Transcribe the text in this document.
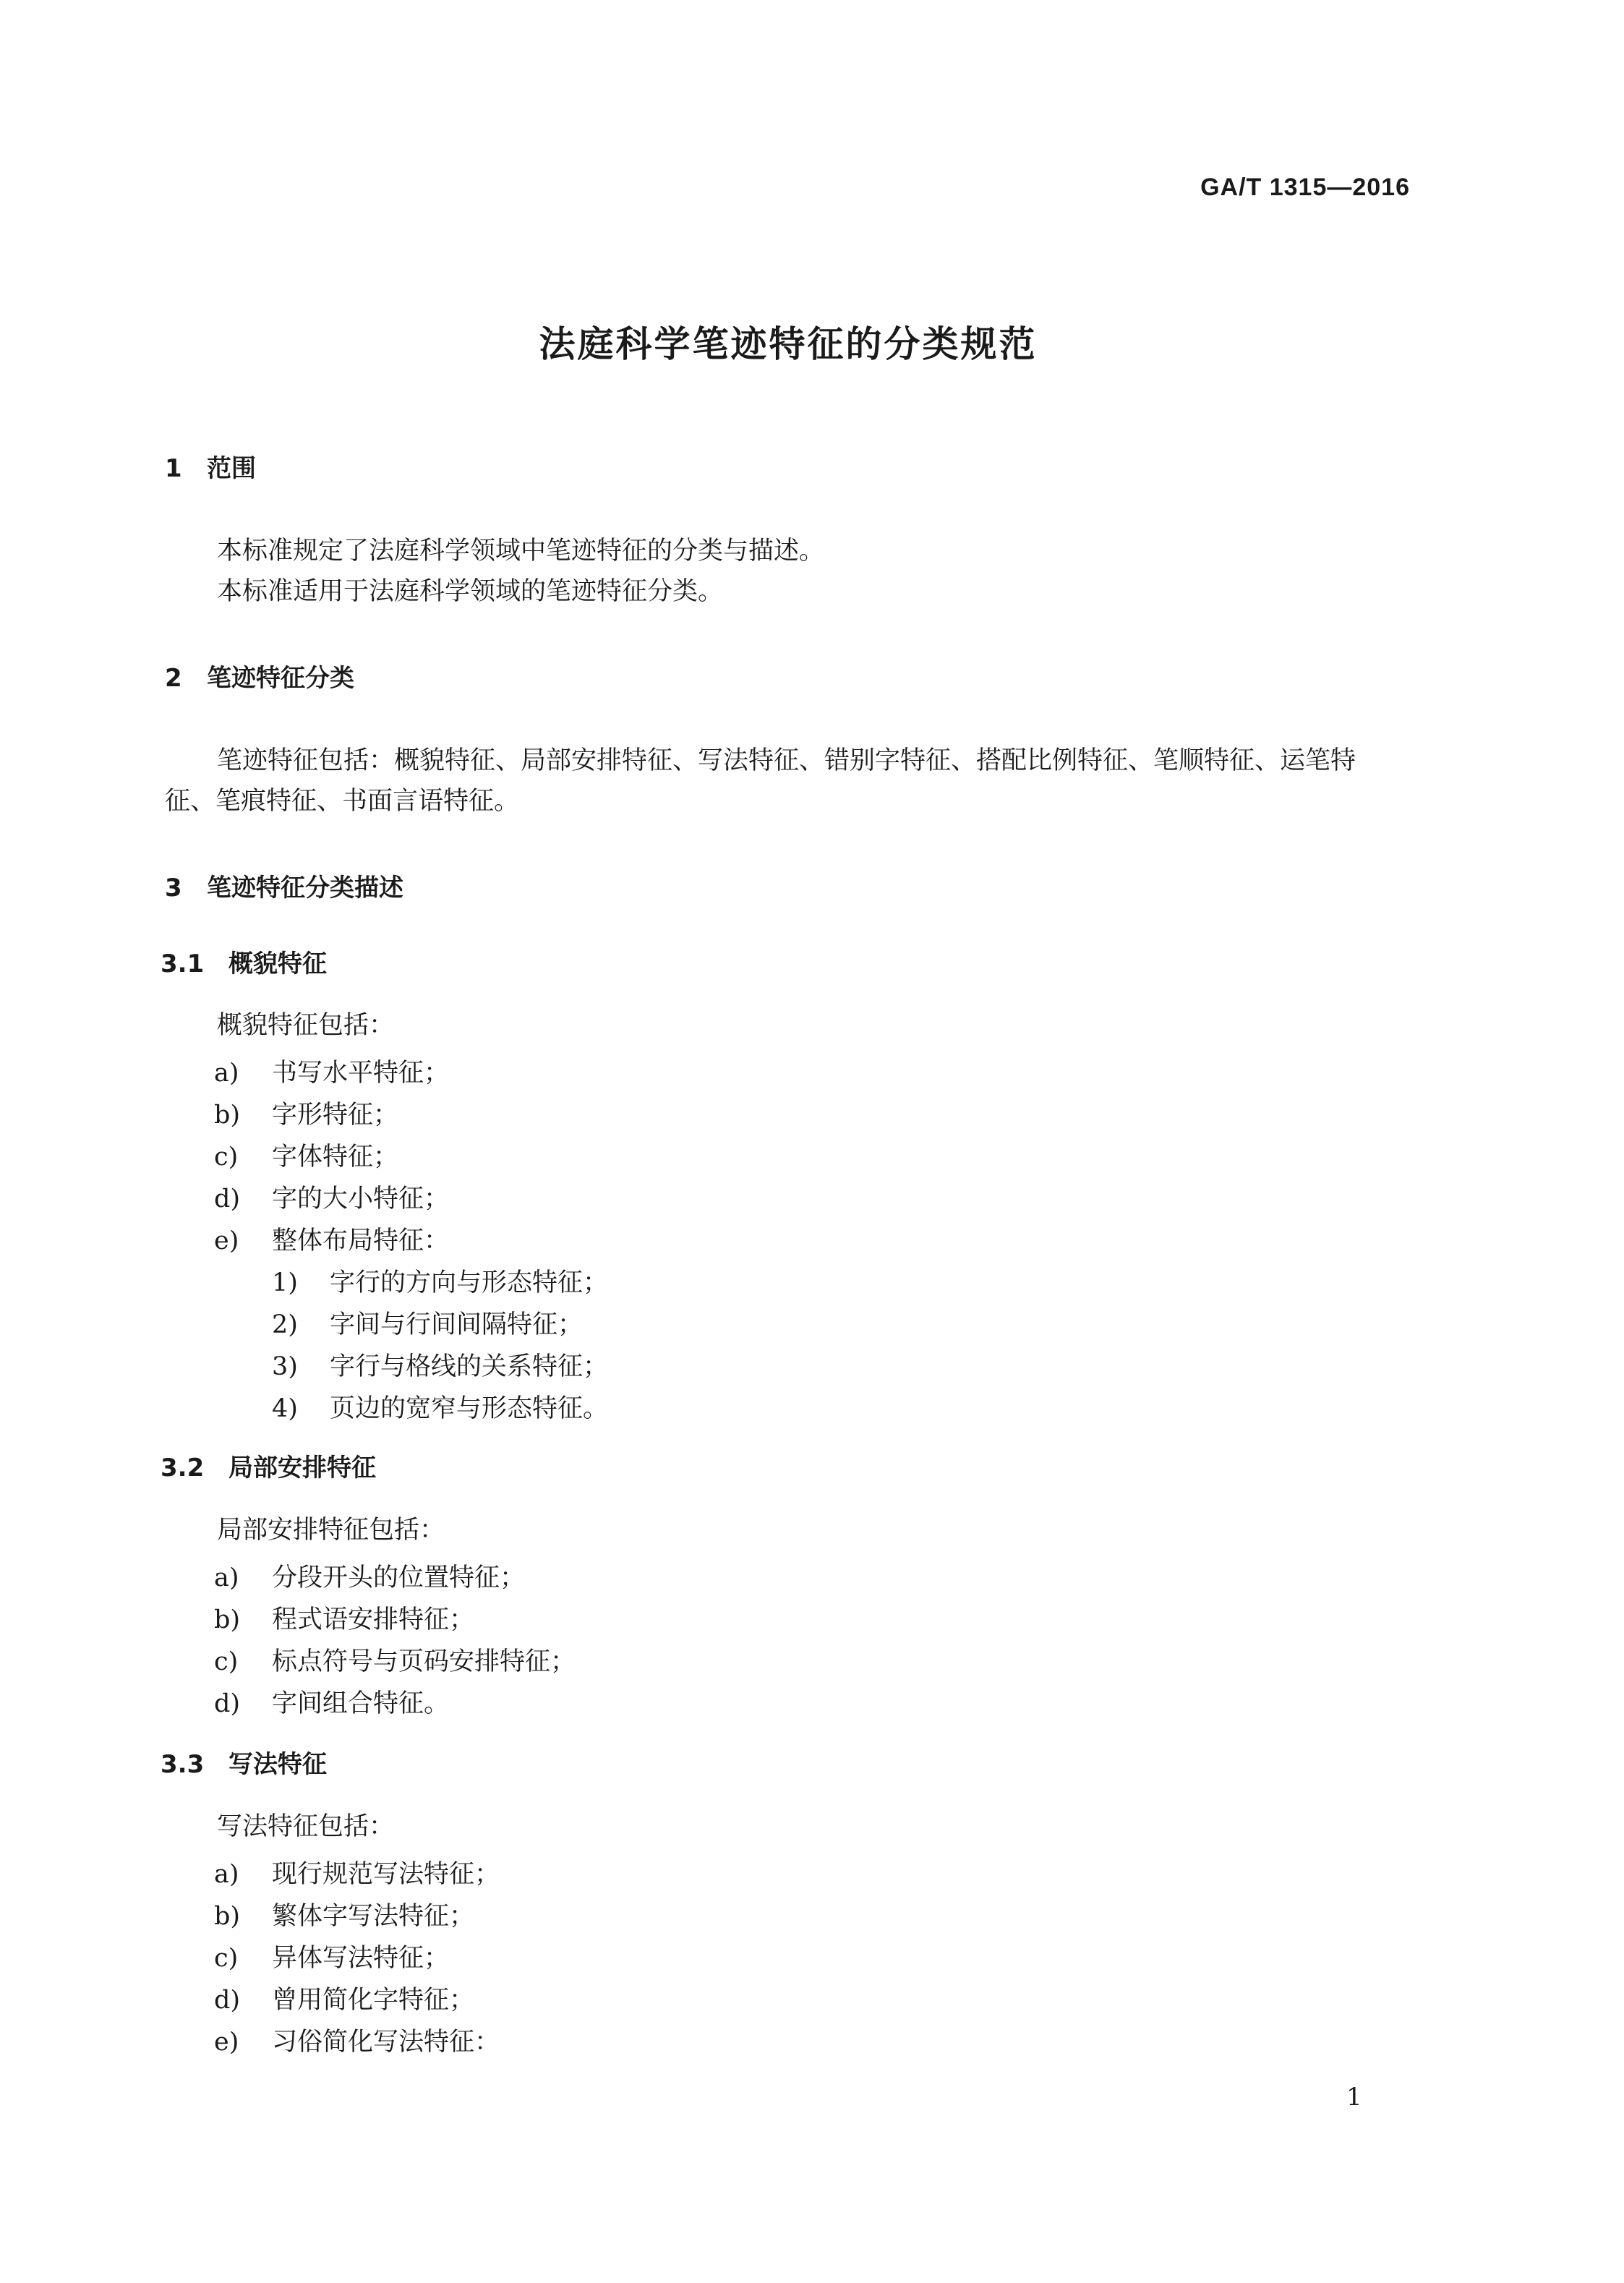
GA/T 1315—2016
法庭科学笔迹特征的分类规范
1 范围
本标准规定了法庭科学领域中笔迹特征的分类与描述。
本标准适用于法庭科学领域的笔迹特征分类。
2 笔迹特征分类
笔迹特征包括：概貌特征、局部安排特征、写法特征、错别字特征、搭配比例特征、笔顺特征、运笔特
征、笔痕特征、书面言语特征。
3 笔迹特征分类描述
3.1 概貌特征
概貌特征包括：
a) 书写水平特征；
b) 字形特征；
c) 字体特征；
d) 字的大小特征；
e) 整体布局特征：
1) 字行的方向与形态特征；
2) 字间与行间间隔特征；
3) 字行与格线的关系特征；
4) 页边的宽窄与形态特征。
3.2 局部安排特征
局部安排特征包括：
a) 分段开头的位置特征；
b) 程式语安排特征；
c) 标点符号与页码安排特征；
d) 字间组合特征。
3.3 写法特征
写法特征包括：
a) 现行规范写法特征；
b) 繁体字写法特征；
c) 异体写法特征；
d) 曾用简化字特征；
e) 习俗简化写法特征：
1
